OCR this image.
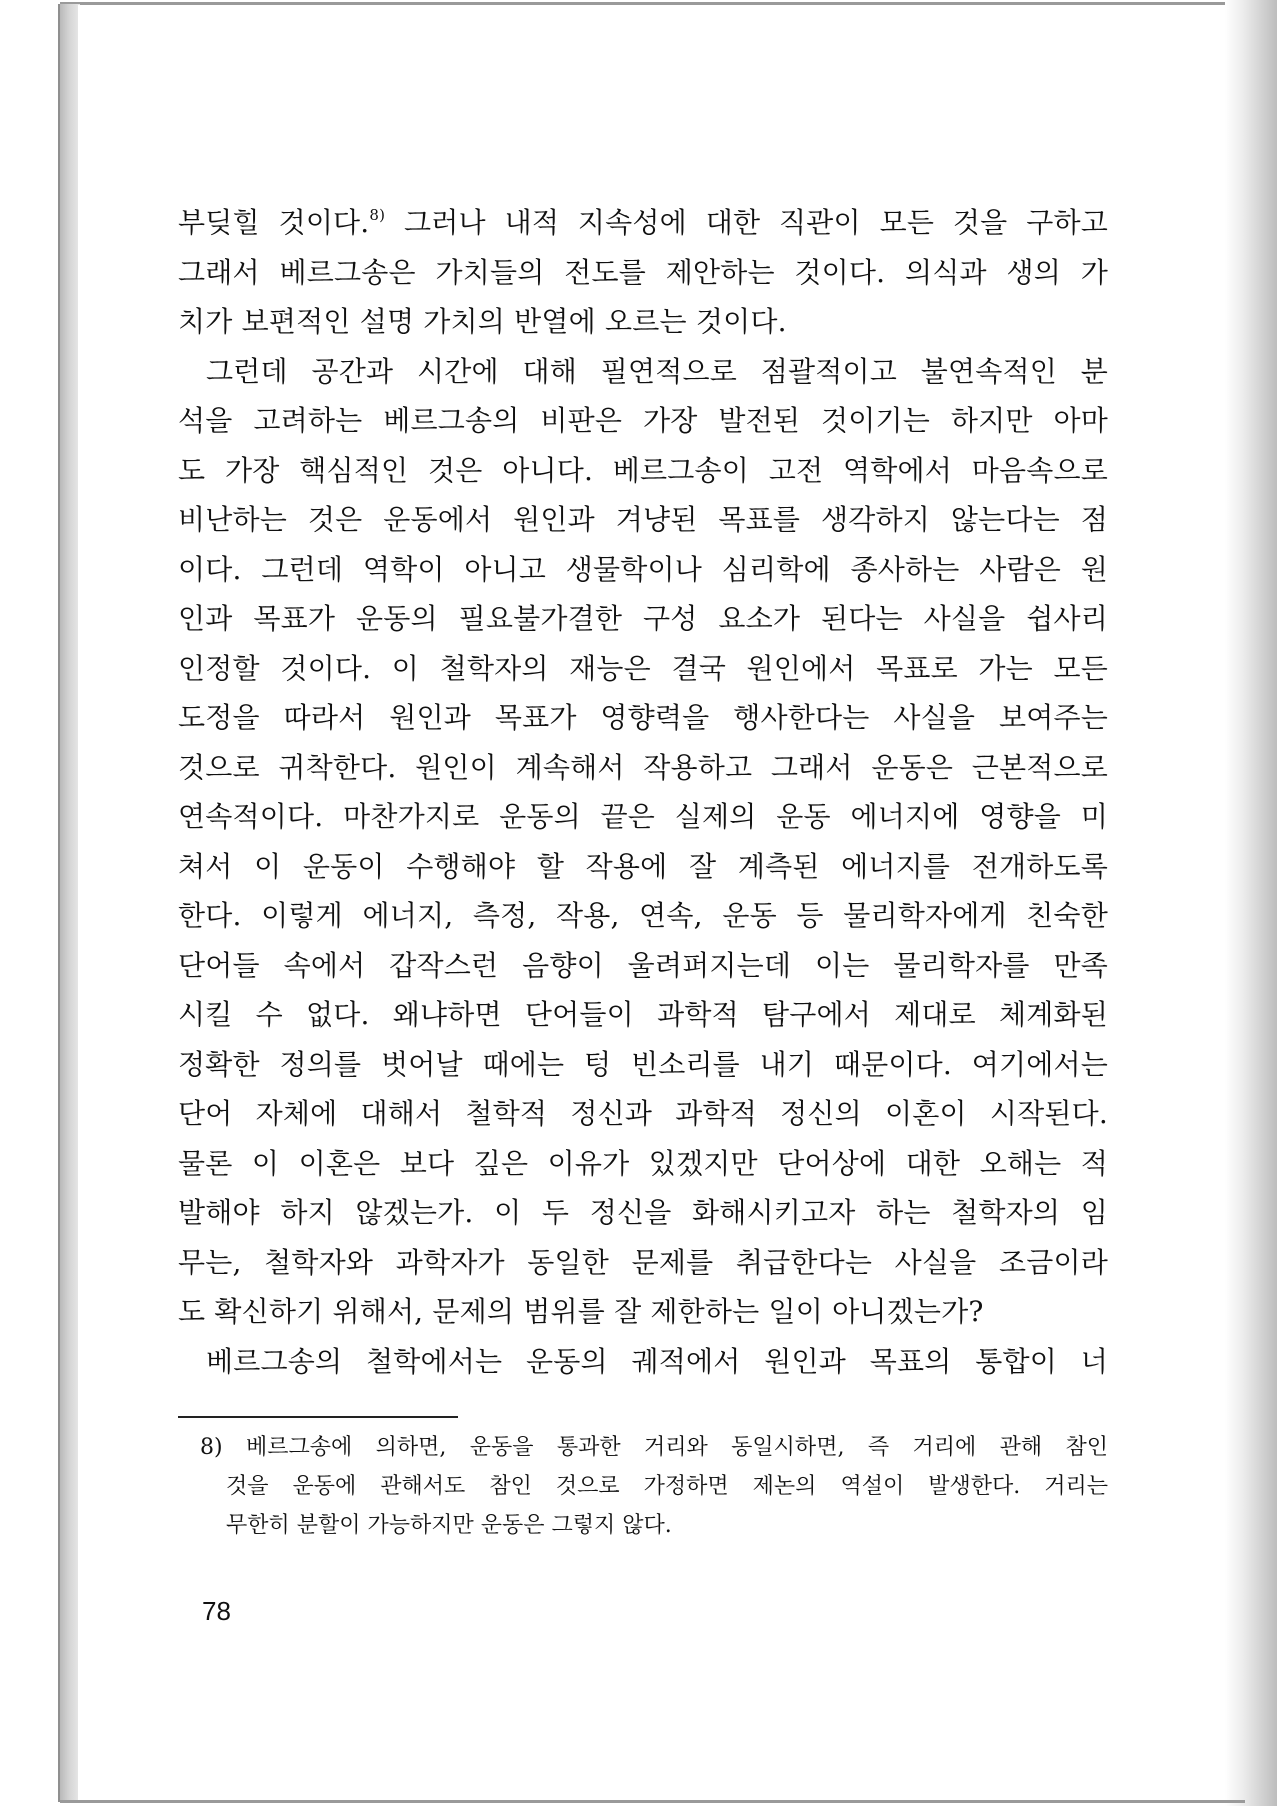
부딪힐 것이다.$^{8)}$ 그러나 내적 지속성에 대한 직관이 모든 것을 구하고
그래서 베르그송은 가치들의 전도를 제안하는 것이다. 의식과 생의 가
치가 보편적인 설명 가치의 반열에 오르는 것이다.
그런데 공간과 시간에 대해 필연적으로 점괄적이고 불연속적인 분
석을 고려하는 베르그송의 비판은 가장 발전된 것이기는 하지만 아마
도 가장 핵심적인 것은 아니다. 베르그송이 고전 역학에서 마음속으로
비난하는 것은 운동에서 원인과 겨냥된 목표를 생각하지 않는다는 점
이다. 그런데 역학이 아니고 생물학이나 심리학에 종사하는 사람은 원
인과 목표가 운동의 필요불가결한 구성 요소가 된다는 사실을 쉽사리
인정할 것이다. 이 철학자의 재능은 결국 원인에서 목표로 가는 모든
도정을 따라서 원인과 목표가 영향력을 행사한다는 사실을 보여주는
것으로 귀착한다. 원인이 계속해서 작용하고 그래서 운동은 근본적으로
연속적이다. 마찬가지로 운동의 끝은 실제의 운동 에너지에 영향을 미
쳐서 이 운동이 수행해야 할 작용에 잘 계측된 에너지를 전개하도록
한다. 이렇게 에너지, 측정, 작용, 연속, 운동 등 물리학자에게 친숙한
단어들 속에서 갑작스런 음향이 울려퍼지는데 이는 물리학자를 만족
시킬 수 없다. 왜냐하면 단어들이 과학적 탐구에서 제대로 체계화된
정확한 정의를 벗어날 때에는 텅 빈소리를 내기 때문이다. 여기에서는
단어 자체에 대해서 철학적 정신과 과학적 정신의 이혼이 시작된다.
물론 이 이혼은 보다 깊은 이유가 있겠지만 단어상에 대한 오해는 적
발해야 하지 않겠는가. 이 두 정신을 화해시키고자 하는 철학자의 임
무는, 철학자와 과학자가 동일한 문제를 취급한다는 사실을 조금이라
도 확신하기 위해서, 문제의 범위를 잘 제한하는 일이 아니겠는가?
베르그송의 철학에서는 운동의 궤적에서 원인과 목표의 통합이 너
8) 베르그송에 의하면, 운동을 통과한 거리와 동일시하면, 즉 거리에 관해 참인
것을 운동에 관해서도 참인 것으로 가정하면 제논의 역설이 발생한다. 거리는
무한히 분할이 가능하지만 운동은 그렇지 않다.
78
